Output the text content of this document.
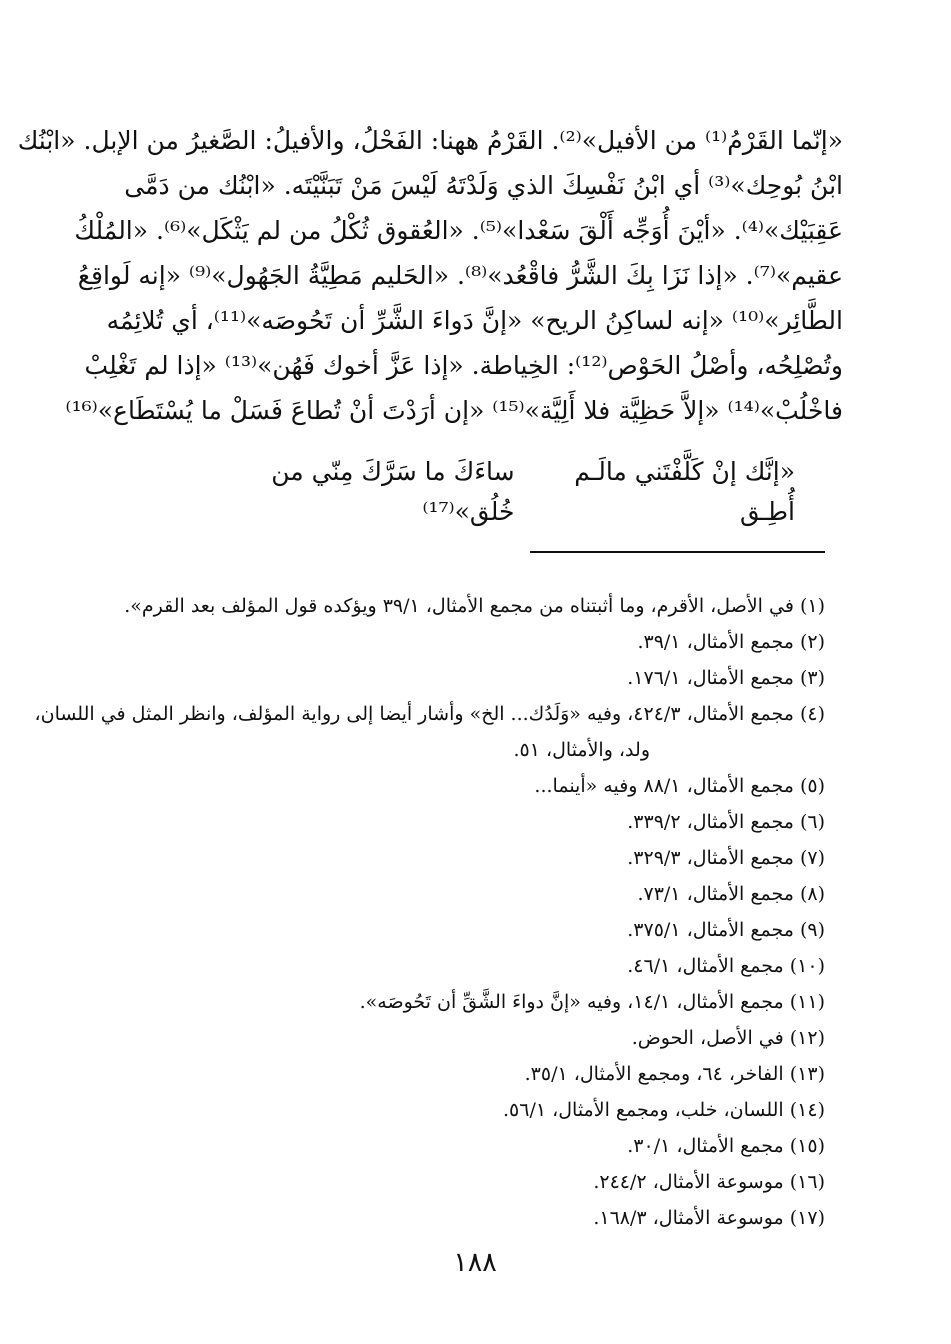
«إنّما القَرْمُ⁽¹⁾ من الأفيل»⁽²⁾. القَرْمُ ههنا: الفَحْلُ، والأفيلُ: الصَّغيرُ من الإبل. «ابْنُك
ابْنُ بُوحِك»⁽³⁾ أي ابْنُ نَفْسِكَ الذي وَلَدْتَهُ لَيْسَ مَنْ تَبَنَّيْتَه. «ابْنُك من دَمَّى
عَقِبَيْك»⁽⁴⁾. «أيْنَ أُوَجِّه أَلْقَ سَعْدا»⁽⁵⁾. «العُقوق ثُكْلُ من لم يَثْكَل»⁽⁶⁾. «المُلْكُ
عقيم»⁽⁷⁾. «إذا نَزَا بِكَ الشَّرُّ فاقْعُد»⁽⁸⁾. «الحَليم مَطِيَّةُ الجَهُول»⁽⁹⁾ «إنه لَواقِعُ
الطَّائِر»⁽¹⁰⁾ «إنه لساكِنُ الريح» «إنَّ دَواءَ الشَّرِّ أن تَحُوصَه»⁽¹¹⁾، أي تُلائِمُه
وتُصْلِحُه، وأصْلُ الحَوْص⁽¹²⁾: الخِياطة. «إذا عَزَّ أخوك فَهُن»⁽¹³⁾ «إذا لم تَغْلِبْ
فاخْلُبْ»⁽¹⁴⁾ «إلاَّ حَظِيَّة فلا أَلِيَّة»⁽¹⁵⁾ «إن أرَدْتَ أنْ تُطاعَ فَسَلْ ما يُسْتَطَاع»⁽¹⁶⁾
«إنَّك إنْ كَلَّفْتَني مالَـم أُطِـق
ساءَكَ ما سَرَّكَ مِنّي من خُلُق»⁽¹⁷⁾
(١) في الأصل، الأقرم، وما أثبتناه من مجمع الأمثال، ٣٩/١ ويؤكده قول المؤلف بعد القرم».
(٢) مجمع الأمثال، ٣٩/١.
(٣) مجمع الأمثال، ١٧٦/١.
(٤) مجمع الأمثال، ٤٢٤/٣، وفيه «وَلَدُك... الخ» وأشار أيضا إلى رواية المؤلف، وانظر المثل في اللسان،
ولد، والأمثال، ٥١.
(٥) مجمع الأمثال، ٨٨/١ وفيه «أينما...
(٦) مجمع الأمثال، ٣٣٩/٢.
(٧) مجمع الأمثال، ٣٢٩/٣.
(٨) مجمع الأمثال، ٧٣/١.
(٩) مجمع الأمثال، ٣٧٥/١.
(١٠) مجمع الأمثال، ٤٦/١.
(١١) مجمع الأمثال، ١٤/١، وفيه «إنَّ دواءَ الشَّقِّ أن تَحُوصَه».
(١٢) في الأصل، الحوض.
(١٣) الفاخر، ٦٤، ومجمع الأمثال، ٣٥/١.
(١٤) اللسان، خلب، ومجمع الأمثال، ٥٦/١.
(١٥) مجمع الأمثال، ٣٠/١.
(١٦) موسوعة الأمثال، ٢٤٤/٢.
(١٧) موسوعة الأمثال، ١٦٨/٣.
١٨٨
